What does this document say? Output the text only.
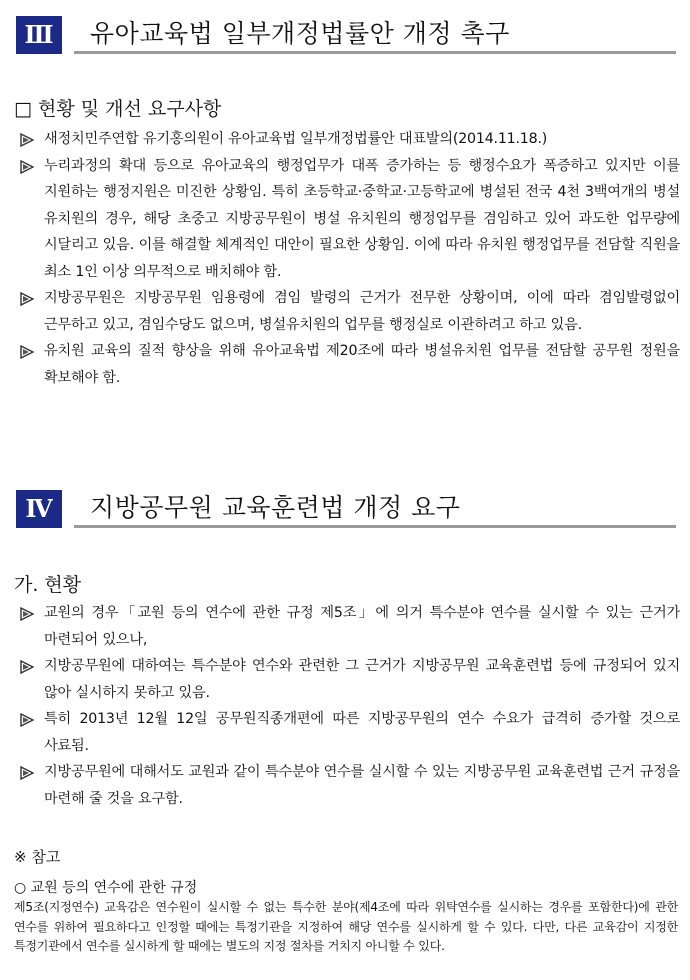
Ⅲ	유아교육법 일부개정법률안 개정 촉구
□ 현황 및 개선 요구사항
새정치민주연합 유기홍의원이 유아교육법 일부개정법률안 대표발의(2014.11.18.)
누리과정의 확대 등으로 유아교육의 행정업무가 대폭 증가하는 등 행정수요가 폭증하고 있지만 이를 지원하는 행정지원은 미진한 상황임. 특히 초등학교·중학교·고등학교에 병설된 전국 4천 3백여개의 병설 유치원의 경우, 해당 초중고 지방공무원이 병설 유치원의 행정업무를 겸임하고 있어 과도한 업무량에 시달리고 있음. 이를 해결할 체계적인 대안이 필요한 상황임. 이에 따라 유치원 행정업무를 전담할 직원을 최소 1인 이상 의무적으로 배치해야 함.
지방공무원은 지방공무원 임용령에 겸임 발령의 근거가 전무한 상황이며, 이에 따라 겸임발령없이 근무하고 있고, 겸임수당도 없으며, 병설유치원의 업무를 행정실로 이관하려고 하고 있음.
유치원 교육의 질적 향상을 위해 유아교육법 제20조에 따라 병설유치원 업무를 전담할 공무원 정원을 확보해야 함.
Ⅳ	지방공무원 교육훈련법 개정 요구
가. 현황
교원의 경우「교원 등의 연수에 관한 규정 제5조」에 의거 특수분야 연수를 실시할 수 있는 근거가 마련되어 있으나,
지방공무원에 대하여는 특수분야 연수와 관련한 그 근거가 지방공무원 교육훈련법 등에 규정되어 있지 않아 실시하지 못하고 있음.
특히 2013년 12월 12일 공무원직종개편에 따른 지방공무원의 연수 수요가 급격히 증가할 것으로 사료됨.
지방공무원에 대해서도 교원과 같이 특수분야 연수를 실시할 수 있는 지방공무원 교육훈련법 근거 규정을 마련해 줄 것을 요구함.
※ 참고
○ 교원 등의 연수에 관한 규정
제5조(지정연수) 교육감은 연수원이 실시할 수 없는 특수한 분야(제4조에 따라 위탁연수를 실시하는 경우를 포함한다)에 관한 연수를 위하여 필요하다고 인정할 때에는 특정기관을 지정하여 해당 연수를 실시하게 할 수 있다. 다만, 다른 교육감이 지정한 특정기관에서 연수를 실시하게 할 때에는 별도의 지정 절차를 거치지 아니할 수 있다.
